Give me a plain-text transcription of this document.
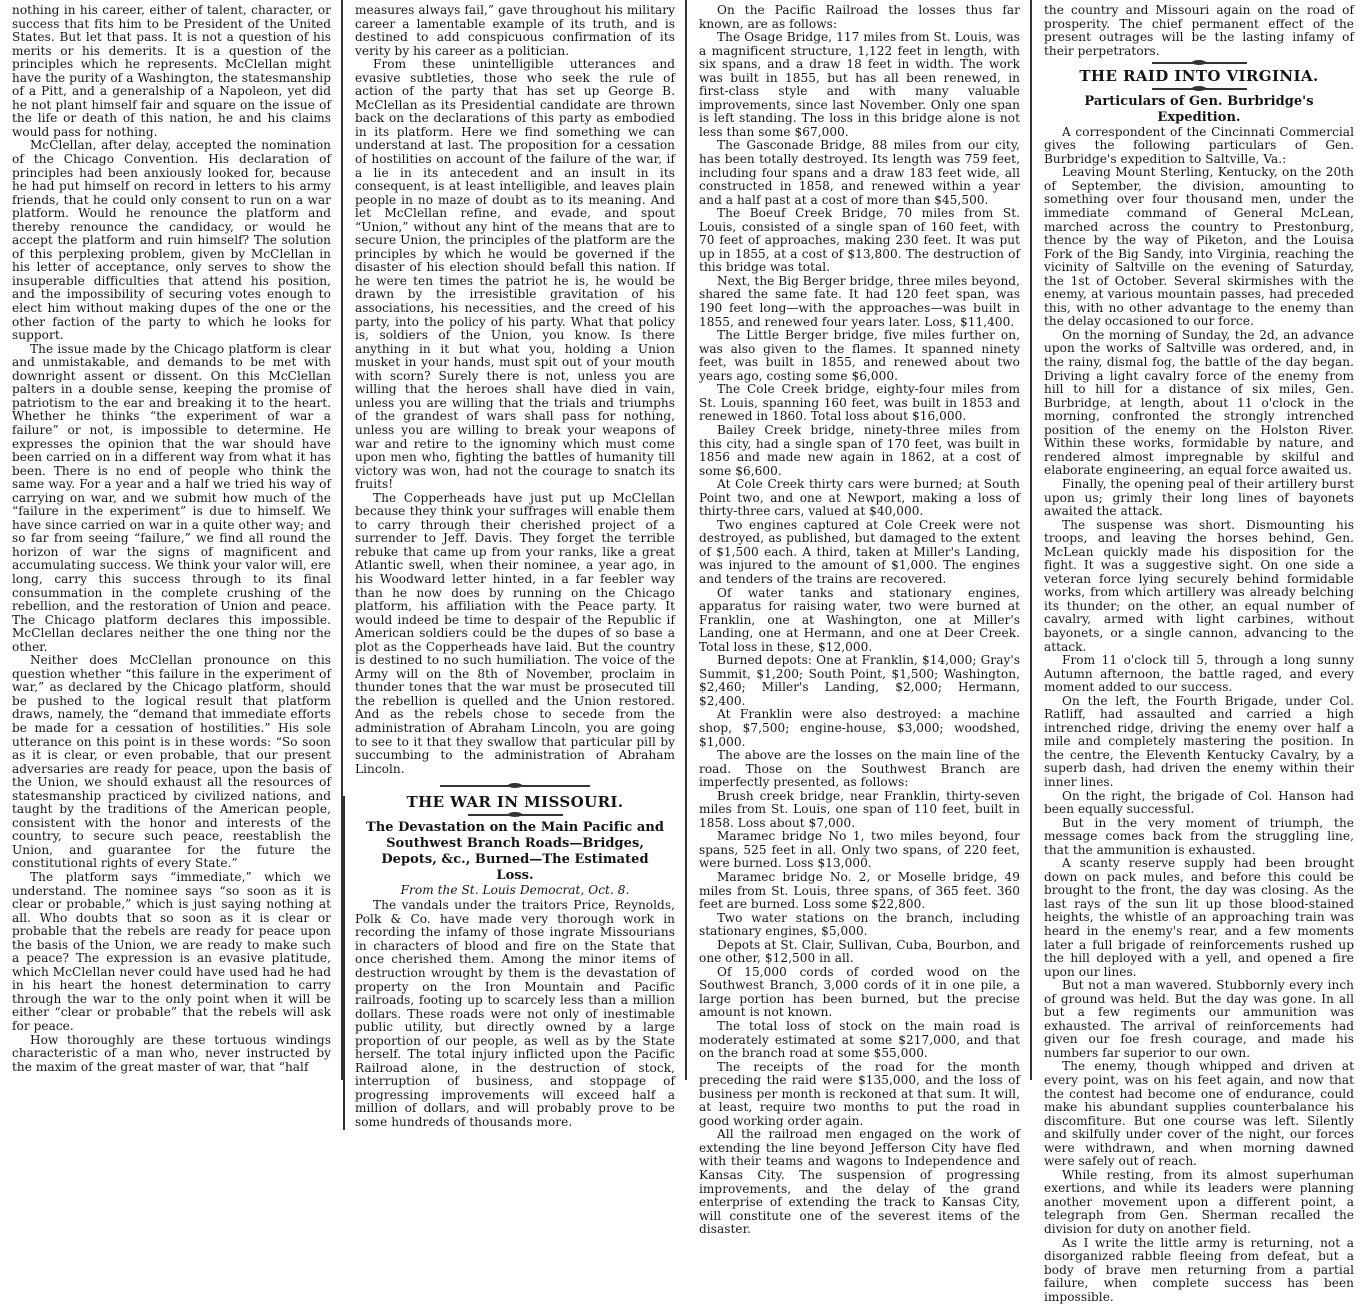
nothing in his career, either of talent, character, or success that fits him to be President of the United States. But let that pass. It is not a question of his merits or his demerits. It is a question of the principles which he represents. McClellan might have the purity of a Washington, the statesmanship of a Pitt, and a generalship of a Napoleon, yet did he not plant himself fair and square on the issue of the life or death of this nation, he and his claims would pass for nothing.

McClellan, after delay, accepted the nomination of the Chicago Convention. His declaration of principles had been anxiously looked for, because he had put himself on record in letters to his army friends, that he could only consent to run on a war platform. Would he renounce the platform and thereby renounce the candidacy, or would he accept the platform and ruin himself? The solution of this perplexing problem, given by McClellan in his letter of acceptance, only serves to show the insuperable difficulties that attend his position, and the impossibility of securing votes enough to elect him without making dupes of the one or the other faction of the party to which he looks for support.

The issue made by the Chicago platform is clear and unmistakable, and demands to be met with downright assent or dissent. On this McClellan palters in a double sense, keeping the promise of patriotism to the ear and breaking it to the heart. Whether he thinks “the experiment of war a failure” or not, is impossible to determine. He expresses the opinion that the war should have been carried on in a different way from what it has been. There is no end of people who think the same way. For a year and a half we tried his way of carrying on war, and we submit how much of the “failure in the experiment” is due to himself. We have since carried on war in a quite other way; and so far from seeing “failure,” we find all round the horizon of war the signs of magnificent and accumulating success. We think your valor will, ere long, carry this success through to its final consummation in the complete crushing of the rebellion, and the restoration of Union and peace. The Chicago platform declares this impossible. McClellan declares neither the one thing nor the other.

Neither does McClellan pronounce on this question whether “this failure in the experiment of war,” as declared by the Chicago platform, should be pushed to the logical result that platform draws, namely, the “demand that immediate efforts be made for a cessation of hostilities.” His sole utterance on this point is in these words: “So soon as it is clear, or even probable, that our present adversaries are ready for peace, upon the basis of the Union, we should exhaust all the resources of statesmanship practiced by civilized nations, and taught by the traditions of the American people, consistent with the honor and interests of the country, to secure such peace, reestablish the Union, and guarantee for the future the constitutional rights of every State.”

The platform says “immediate,” which we understand. The nominee says “so soon as it is clear or probable,” which is just saying nothing at all. Who doubts that so soon as it is clear or probable that the rebels are ready for peace upon the basis of the Union, we are ready to make such a peace? The expression is an evasive platitude, which McClellan never could have used had he had in his heart the honest determination to carry through the war to the only point when it will be either “clear or probable” that the rebels will ask for peace.

How thoroughly are these tortuous windings characteristic of a man who, never instructed by the maxim of the great master of war, that “half

measures always fail,” gave throughout his military career a lamentable example of its truth, and is destined to add conspicuous confirmation of its verity by his career as a politician.

From these unintelligible utterances and evasive subtleties, those who seek the rule of action of the party that has set up George B. McClellan as its Presidential candidate are thrown back on the declarations of this party as embodied in its platform. Here we find something we can understand at last. The proposition for a cessation of hostilities on account of the failure of the war, if a lie in its antecedent and an insult in its consequent, is at least intelligible, and leaves plain people in no maze of doubt as to its meaning. And let McClellan refine, and evade, and spout “Union,” without any hint of the means that are to secure Union, the principles of the platform are the principles by which he would be governed if the disaster of his election should befall this nation. If he were ten times the patriot he is, he would be drawn by the irresistible gravitation of his associations, his necessities, and the creed of his party, into the policy of his party. What that policy is, soldiers of the Union, you know. Is there anything in it but what you, holding a Union musket in your hands, must spit out of your mouth with scorn? Surely there is not, unless you are willing that the heroes shall have died in vain, unless you are willing that the trials and triumphs of the grandest of wars shall pass for nothing, unless you are willing to break your weapons of war and retire to the ignominy which must come upon men who, fighting the battles of humanity till victory was won, had not the courage to snatch its fruits!

The Copperheads have just put up McClellan because they think your suffrages will enable them to carry through their cherished project of a surrender to Jeff. Davis. They forget the terrible rebuke that came up from your ranks, like a great Atlantic swell, when their nominee, a year ago, in his Woodward letter hinted, in a far feebler way than he now does by running on the Chicago platform, his affiliation with the Peace party. It would indeed be time to despair of the Republic if American soldiers could be the dupes of so base a plot as the Copperheads have laid. But the country is destined to no such humiliation. The voice of the Army will on the 8th of November, proclaim in thunder tones that the war must be prosecuted till the rebellion is quelled and the Union restored. And as the rebels chose to secede from the administration of Abraham Lincoln, you are going to see to it that they swallow that particular pill by succumbing to the administration of Abraham Lincoln.

THE WAR IN MISSOURI.
The Devastation on the Main Pacific and Southwest Branch Roads—Bridges, Depots, &c., Burned—The Estimated Loss.
From the St. Louis Democrat, Oct. 8.

The vandals under the traitors Price, Reynolds, Polk & Co. have made very thorough work in recording the infamy of those ingrate Missourians in characters of blood and fire on the State that once cherished them. Among the minor items of destruction wrought by them is the devastation of property on the Iron Mountain and Pacific railroads, footing up to scarcely less than a million dollars. These roads were not only of inestimable public utility, but directly owned by a large proportion of our people, as well as by the State herself. The total injury inflicted upon the Pacific Railroad alone, in the destruction of stock, interruption of business, and stoppage of progressing improvements will exceed half a million of dollars, and will probably prove to be some hundreds of thousands more.

On the Pacific Railroad the losses thus far known, are as follows:

The Osage Bridge, 117 miles from St. Louis, was a magnificent structure, 1,122 feet in length, with six spans, and a draw 18 feet in width. The work was built in 1855, but has all been renewed, in first-class style and with many valuable improvements, since last November. Only one span is left standing. The loss in this bridge alone is not less than some $67,000.

The Gasconade Bridge, 88 miles from our city, has been totally destroyed. Its length was 759 feet, including four spans and a draw 183 feet wide, all constructed in 1858, and renewed within a year and a half past at a cost of more than $45,500.

The Boeuf Creek Bridge, 70 miles from St. Louis, consisted of a single span of 160 feet, with 70 feet of approaches, making 230 feet. It was put up in 1855, at a cost of $13,800. The destruction of this bridge was total.

Next, the Big Berger bridge, three miles beyond, shared the same fate. It had 120 feet span, was 190 feet long—with the approaches—was built in 1855, and renewed four years later. Loss, $11,400.

The Little Berger bridge, five miles further on, was also given to the flames. It spanned ninety feet, was built in 1855, and renewed about two years ago, costing some $6,000.

The Cole Creek bridge, eighty-four miles from St. Louis, spanning 160 feet, was built in 1853 and renewed in 1860. Total loss about $16,000.

Bailey Creek bridge, ninety-three miles from this city, had a single span of 170 feet, was built in 1856 and made new again in 1862, at a cost of some $6,600.

At Cole Creek thirty cars were burned; at South Point two, and one at Newport, making a loss of thirty-three cars, valued at $40,000.

Two engines captured at Cole Creek were not destroyed, as published, but damaged to the extent of $1,500 each. A third, taken at Miller's Landing, was injured to the amount of $1,000. The engines and tenders of the trains are recovered.

Of water tanks and stationary engines, apparatus for raising water, two were burned at Franklin, one at Washington, one at Miller's Landing, one at Hermann, and one at Deer Creek. Total loss in these, $12,000.

Burned depots: One at Franklin, $14,000; Gray's Summit, $1,200; South Point, $1,500; Washington, $2,460; Miller's Landing, $2,000; Hermann, $2,400.

At Franklin were also destroyed: a machine shop, $7,500; engine-house, $3,000; woodshed, $1,000.

The above are the losses on the main line of the road. Those on the Southwest Branch are imperfectly presented, as follows:

Brush creek bridge, near Franklin, thirty-seven miles from St. Louis, one span of 110 feet, built in 1858. Loss about $7,000.

Maramec bridge No 1, two miles beyond, four spans, 525 feet in all. Only two spans, of 220 feet, were burned. Loss $13,000.

Maramec bridge No. 2, or Moselle bridge, 49 miles from St. Louis, three spans, of 365 feet. 360 feet are burned. Loss some $22,800.

Two water stations on the branch, including stationary engines, $5,000.

Depots at St. Clair, Sullivan, Cuba, Bourbon, and one other, $12,500 in all.

Of 15,000 cords of corded wood on the Southwest Branch, 3,000 cords of it in one pile, a large portion has been burned, but the precise amount is not known.

The total loss of stock on the main road is moderately estimated at some $217,000, and that on the branch road at some $55,000.

The receipts of the road for the month preceding the raid were $135,000, and the loss of business per month is reckoned at that sum. It will, at least, require two months to put the road in good working order again.

All the railroad men engaged on the work of extending the line beyond Jefferson City have fled with their teams and wagons to Independence and Kansas City. The suspension of progressing improvements, and the delay of the grand enterprise of extending the track to Kansas City, will constitute one of the severest items of the disaster.

the country and Missouri again on the road of prosperity. The chief permanent effect of the present outrages will be the lasting infamy of their perpetrators.

THE RAID INTO VIRGINIA.
Particulars of Gen. Burbridge's Expedition.

A correspondent of the Cincinnati Commercial gives the following particulars of Gen. Burbridge's expedition to Saltville, Va.:

Leaving Mount Sterling, Kentucky, on the 20th of September, the division, amounting to something over four thousand men, under the immediate command of General McLean, marched across the country to Prestonburg, thence by the way of Piketon, and the Louisa Fork of the Big Sandy, into Virginia, reaching the vicinity of Saltville on the evening of Saturday, the 1st of October. Several skirmishes with the enemy, at various mountain passes, had preceded this, with no other advantage to the enemy than the delay occasioned to our force.

On the morning of Sunday, the 2d, an advance upon the works of Saltville was ordered, and, in the rainy, dismal fog, the battle of the day began. Driving a light cavalry force of the enemy from hill to hill for a distance of six miles, Gen. Burbridge, at length, about 11 o'clock in the morning, confronted the strongly intrenched position of the enemy on the Holston River. Within these works, formidable by nature, and rendered almost impregnable by skilful and elaborate engineering, an equal force awaited us.

Finally, the opening peal of their artillery burst upon us; grimly their long lines of bayonets awaited the attack.

The suspense was short. Dismounting his troops, and leaving the horses behind, Gen. McLean quickly made his disposition for the fight. It was a suggestive sight. On one side a veteran force lying securely behind formidable works, from which artillery was already belching its thunder; on the other, an equal number of cavalry, armed with light carbines, without bayonets, or a single cannon, advancing to the attack.

From 11 o'clock till 5, through a long sunny Autumn afternoon, the battle raged, and every moment added to our success.

On the left, the Fourth Brigade, under Col. Ratliff, had assaulted and carried a high intrenched ridge, driving the enemy over half a mile and completely mastering the position. In the centre, the Eleventh Kentucky Cavalry, by a superb dash, had driven the enemy within their inner lines.

On the right, the brigade of Col. Hanson had been equally successful.

But in the very moment of triumph, the message comes back from the struggling line, that the ammunition is exhausted.

A scanty reserve supply had been brought down on pack mules, and before this could be brought to the front, the day was closing. As the last rays of the sun lit up those blood-stained heights, the whistle of an approaching train was heard in the enemy's rear, and a few moments later a full brigade of reinforcements rushed up the hill deployed with a yell, and opened a fire upon our lines.

But not a man wavered. Stubbornly every inch of ground was held. But the day was gone. In all but a few regiments our ammunition was exhausted. The arrival of reinforcements had given our foe fresh courage, and made his numbers far superior to our own.

The enemy, though whipped and driven at every point, was on his feet again, and now that the contest had become one of endurance, could make his abundant supplies counterbalance his discomfiture. But one course was left. Silently and skilfully under cover of the night, our forces were withdrawn, and when morning dawned were safely out of reach.

While resting, from its almost superhuman exertions, and while its leaders were planning another movement upon a different point, a telegraph from Gen. Sherman recalled the division for duty on another field.

As I write the little army is returning, not a disorganized rabble fleeing from defeat, but a body of brave men returning from a partial failure, when complete success has been impossible.
